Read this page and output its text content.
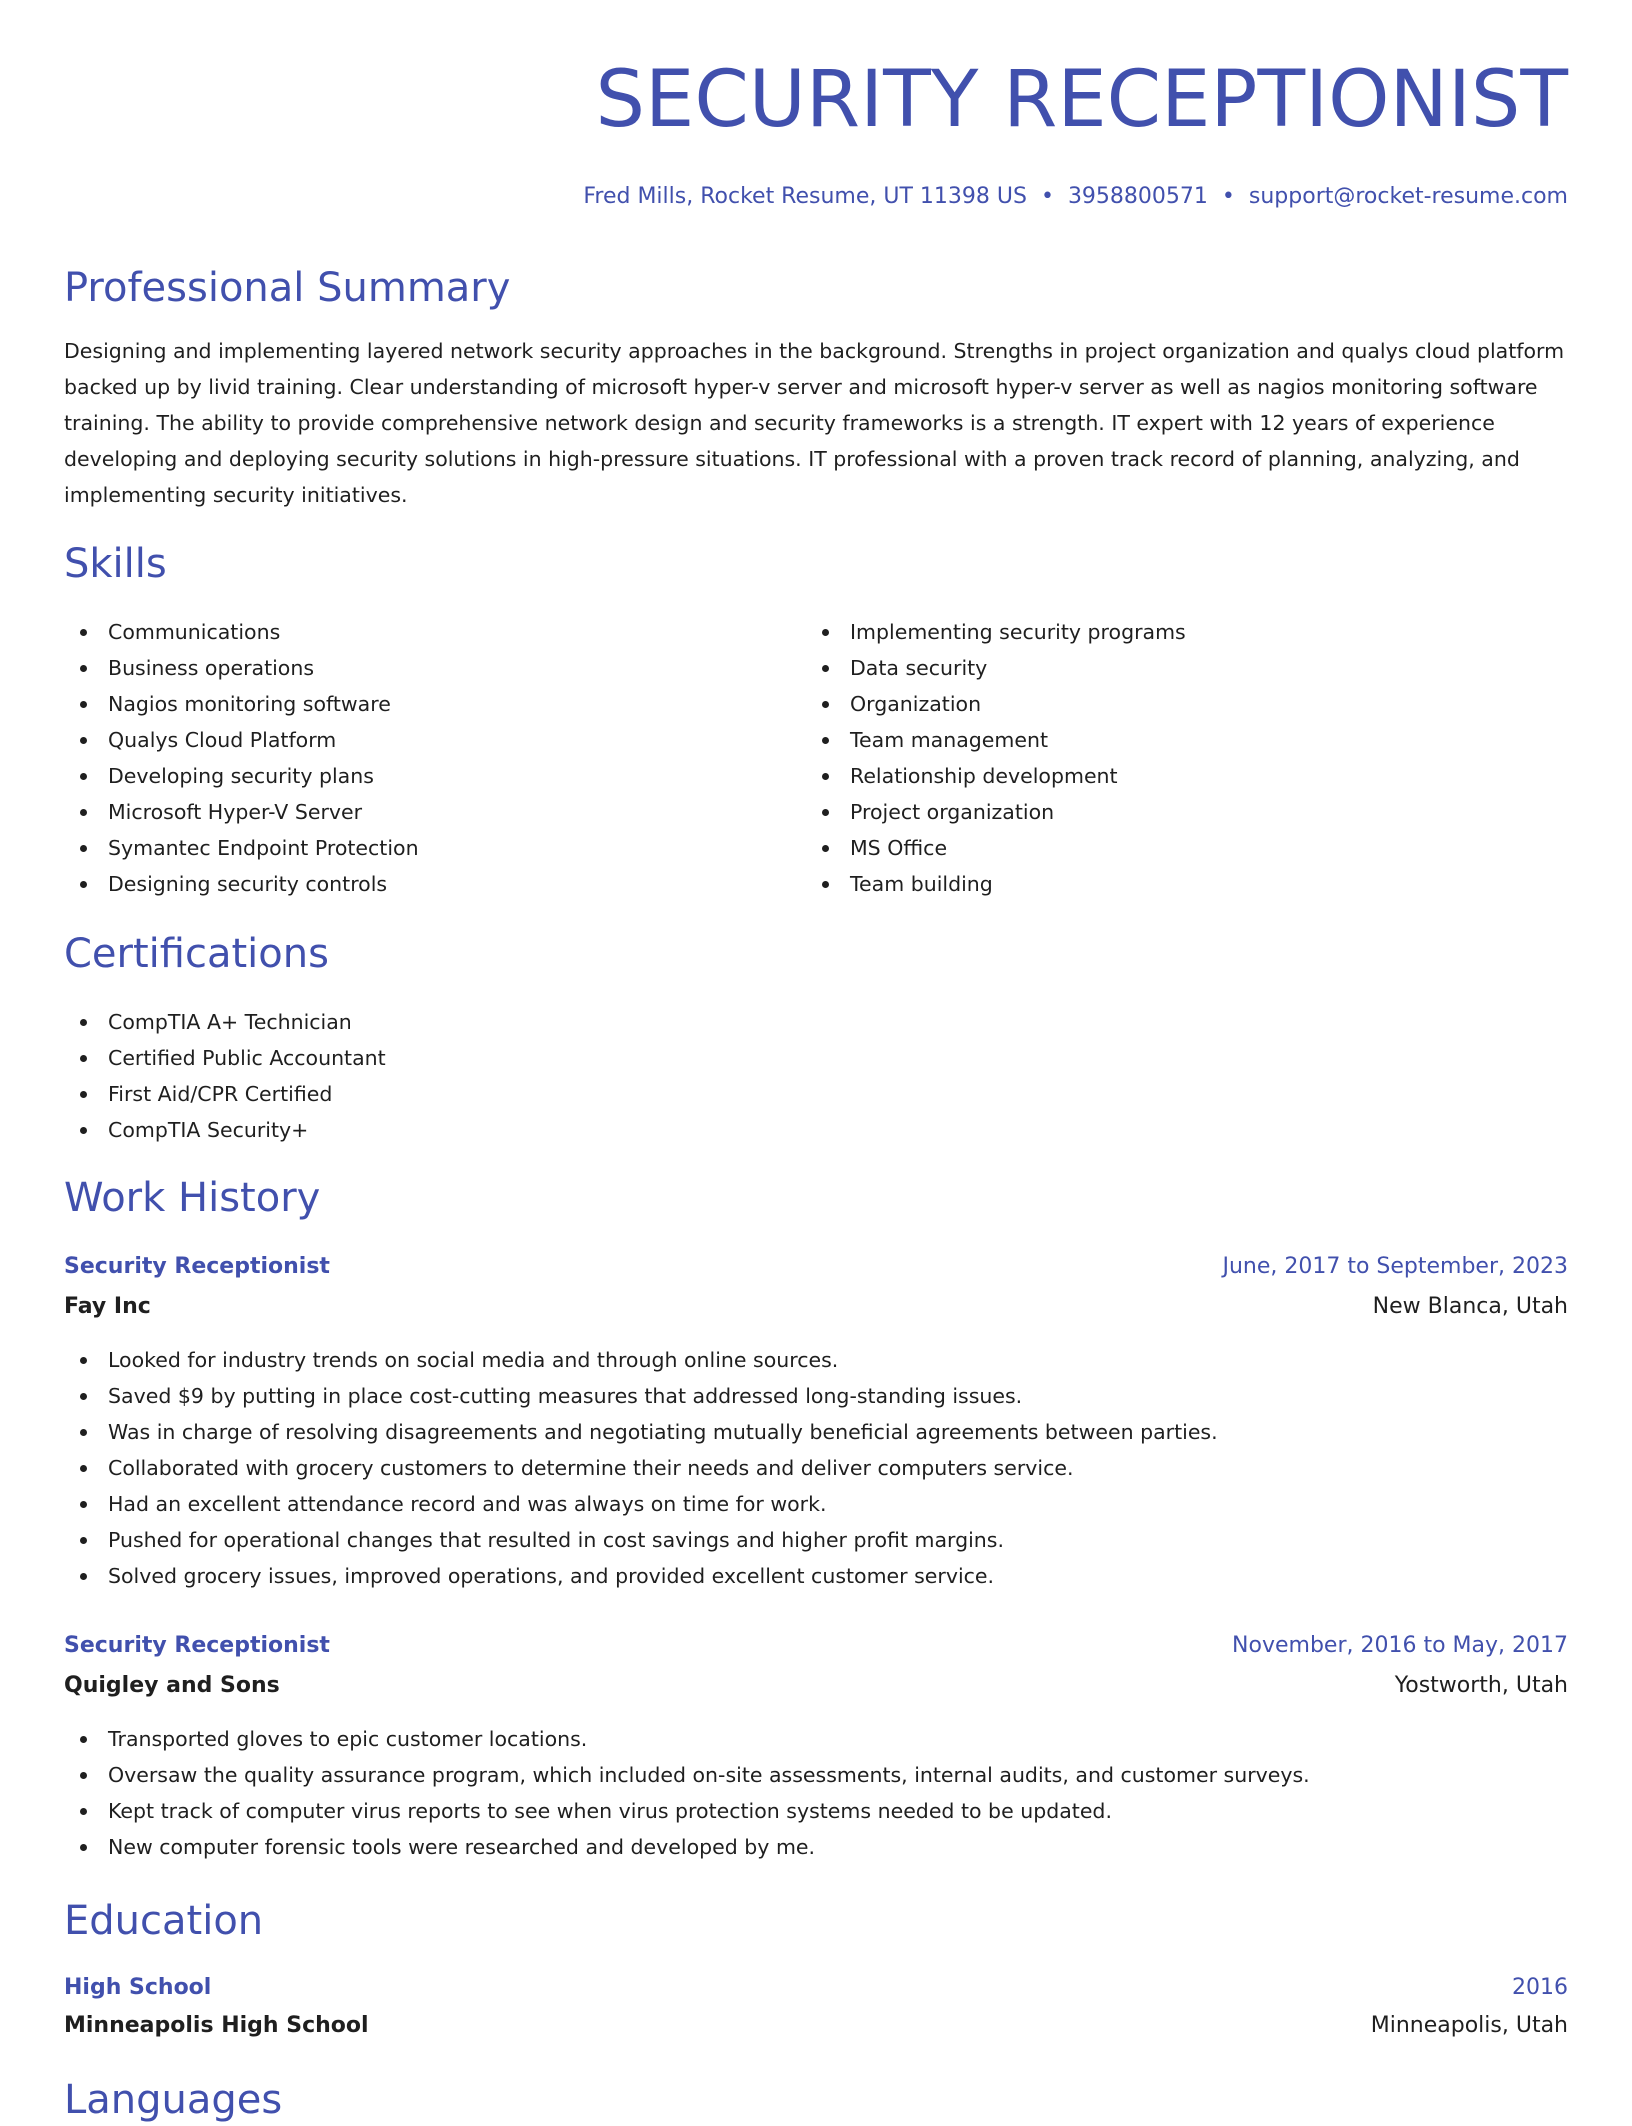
SECURITY RECEPTIONIST
Fred Mills, Rocket Resume, UT 11398 US • 3958800571 • support@rocket-resume.com
Professional Summary

Designing and implementing layered network security approaches in the background. Strengths in project organization and qualys cloud platform backed up by livid training. Clear understanding of microsoft hyper-v server and microsoft hyper-v server as well as nagios monitoring software training. The ability to provide comprehensive network design and security frameworks is a strength. IT expert with 12 years of experience developing and deploying security solutions in high-pressure situations. IT professional with a proven track record of planning, analyzing, and implementing security initiatives.

Skills
Communications
Business operations
Nagios monitoring software
Qualys Cloud Platform
Developing security plans
Microsoft Hyper-V Server
Symantec Endpoint Protection
Designing security controls
Implementing security programs
Data security
Organization
Team management
Relationship development
Project organization
MS Office
Team building
Certifications
CompTIA A+ Technician
Certified Public Accountant
First Aid/CPR Certified
CompTIA Security+
Work History
Security Receptionist	June, 2017 to September, 2023
Fay Inc	New Blanca, Utah
Looked for industry trends on social media and through online sources.
Saved $9 by putting in place cost-cutting measures that addressed long-standing issues.
Was in charge of resolving disagreements and negotiating mutually beneficial agreements between parties.
Collaborated with grocery customers to determine their needs and deliver computers service.
Had an excellent attendance record and was always on time for work.
Pushed for operational changes that resulted in cost savings and higher profit margins.
Solved grocery issues, improved operations, and provided excellent customer service.
Security Receptionist	November, 2016 to May, 2017
Quigley and Sons	Yostworth, Utah
Transported gloves to epic customer locations.
Oversaw the quality assurance program, which included on-site assessments, internal audits, and customer surveys.
Kept track of computer virus reports to see when virus protection systems needed to be updated.
New computer forensic tools were researched and developed by me.
Education
High School	2016
Minneapolis High School	Minneapolis, Utah
Languages
